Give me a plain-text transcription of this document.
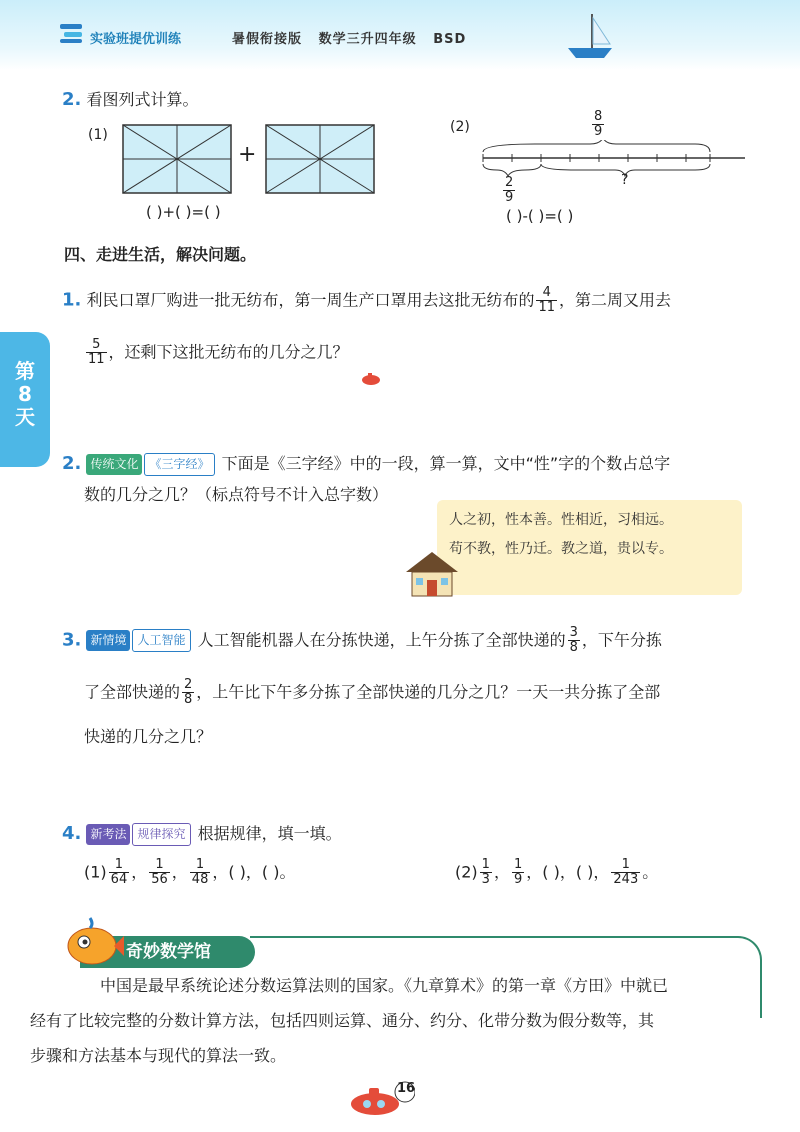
实验班提优训练	暑假衔接版 数学三升四年级 BSD
第
8
天
2. 看图列式计算。
(1)
+
( )+( )=( )
(2)	$\frac{8}{9}$
$\frac{2}{9}$	?
( )-( )=( )
四、走进生活，解决问题。
1. 利民口罩厂购进一批无纺布，第一周生产口罩用去这批无纺布的 $\frac{4}{11}$ ，第二周又用去
$\frac{5}{11}$ ，还剩下这批无纺布的几分之几？
2. 传统文化 《三字经》 下面是《三字经》中的一段，算一算，文中“性”字的个数占总字
数的几分之几？（标点符号不计入总字数）
人之初，性本善。性相近，习相远。
苟不教，性乃迁。教之道，贵以专。
3. 新情境 人工智能 人工智能机器人在分拣快递，上午分拣了全部快递的 $\frac{3}{8}$ ，下午分拣
了全部快递的 $\frac{2}{8}$ ，上午比下午多分拣了全部快递的几分之几？一天一共分拣了全部
快递的几分之几？
4. 新考法 规律探究 根据规律，填一填。
$(1) \frac{1}{64}$ ， $\frac{1}{56}$ ， $\frac{1}{48}$ ，( )，( )。	$(2) \frac{1}{3}$ ， $\frac{1}{9}$ ，( )，( )， $\frac{1}{243}$ 。
奇妙数学馆
中国是最早系统论述分数运算法则的国家。《九章算术》的第一章《方田》中就已
经有了比较完整的分数计算方法，包括四则运算、通分、约分、化带分数为假分数等，其
步骤和方法基本与现代的算法一致。
16
